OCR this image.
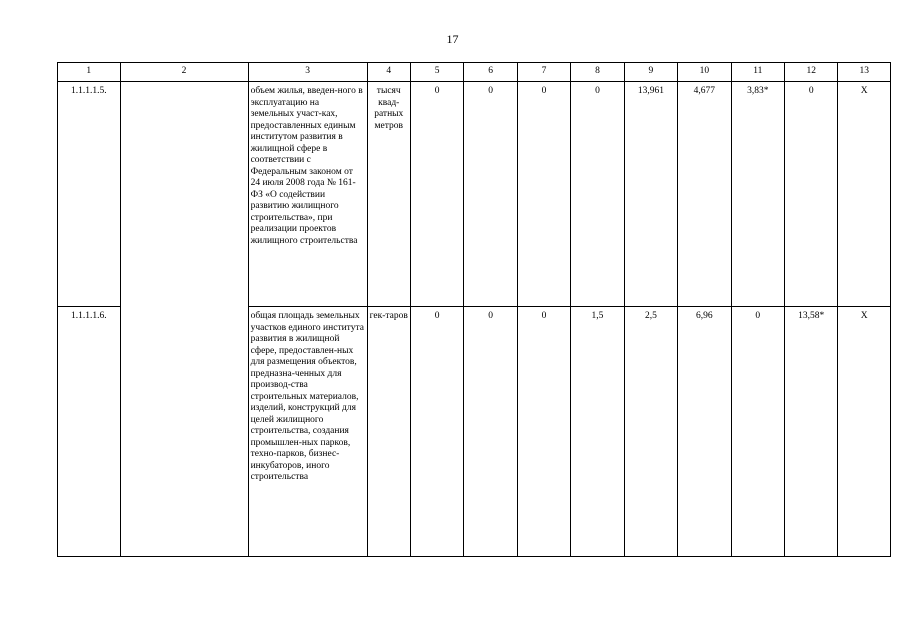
17
1	2	3	4	5	6	7	8	9	10	11	12	13
1.1.1.1.5.		объем жилья, введен-ного в эксплуатацию на земельных участ-ках, предоставленных единым институтом развития в жилищной сфере в соответствии с Федеральным законом от 24 июля 2008 года № 161-ФЗ «О содействии развитию жилищного строительства», при реализации проектов жилищного строительства	тысяч квад-ратных метров	0	0	0	0	13,961	4,677	3,83*	0	X
1.1.1.1.6.		общая площадь земельных участков единого института развития в жилищной сфере, предоставлен-ных для размещения объектов, предназна-ченных для производ-ства строительных материалов, изделий, конструкций для целей жилищного строительства, создания промышлен-ных парков, техно-парков, бизнес-инкубаторов, иного строительства	гек-таров	0	0	0	1,5	2,5	6,96	0	13,58*	X
